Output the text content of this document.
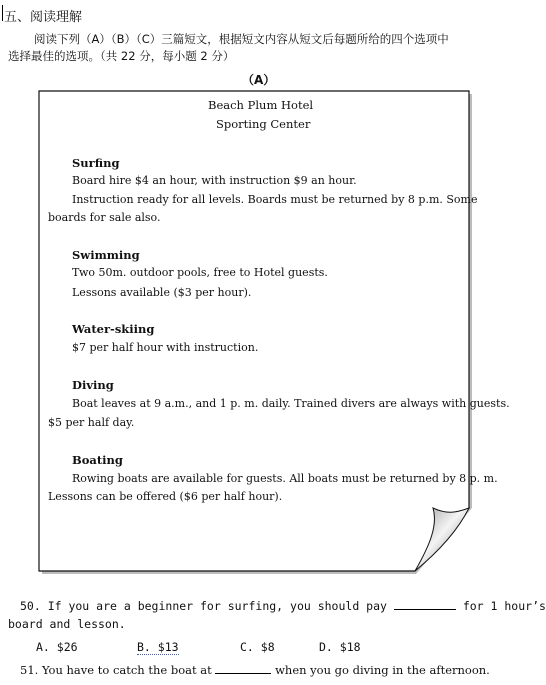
五、阅读理解
阅读下列（A）（B）（C）三篇短文，根据短文内容从短文后每题所给的四个选项中
选择最佳的选项。（共 22 分，每小题 2 分）
（A）
Beach Plum Hotel
Sporting Center
Surfing
Board hire $4 an hour, with instruction $9 an hour.
Instruction ready for all levels. Boards must be returned by 8 p.m. Some
boards for sale also.
Swimming
Two 50m. outdoor pools, free to Hotel guests.
Lessons available ($3 per hour).
Water-skiing
$7 per half hour with instruction.
Diving
Boat leaves at 9 a.m., and 1 p. m. daily. Trained divers are always with guests.
$5 per half day.
Boating
Rowing boats are available for guests. All boats must be returned by 8 p. m.
Lessons can be offered ($6 per half hour).
50. If you are a beginner for surfing, you should pay	for 1 hour’s
board and lesson.
A. $26	B. $13	C. $8	D. $18
51. You have to catch the boat at	when you go diving in the afternoon.
